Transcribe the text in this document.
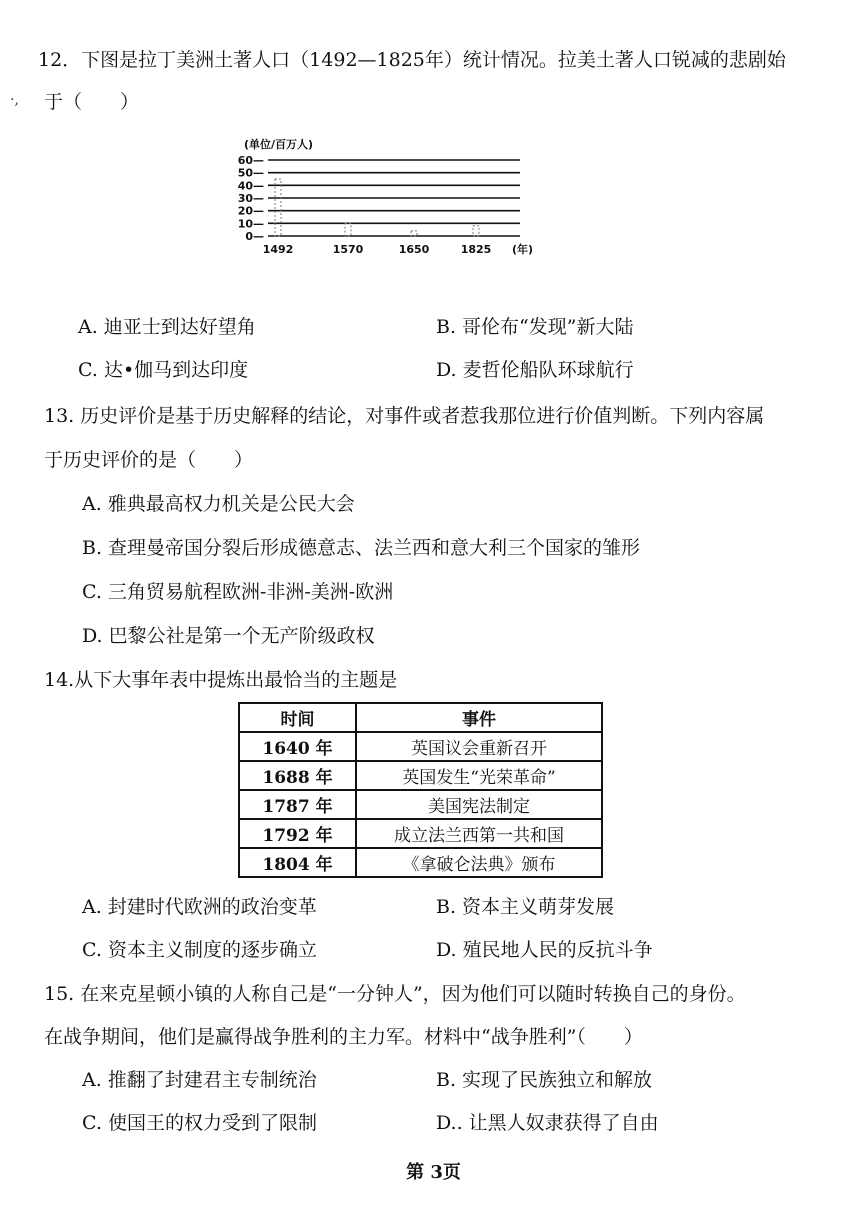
12．下图是拉丁美洲土著人口（1492—1825年）统计情况。拉美土著人口锐减的悲剧始
·, 于（　　）
(单位/百万人)
60—
50—
40—
30—
20—
10—
0—
1492	1570	1650	1825 (年)
A. 迪亚士到达好望角	B. 哥伦布“发现”新大陆
C. 达•伽马到达印度	D. 麦哲伦船队环球航行
13. 历史评价是基于历史解释的结论，对事件或者惹我那位进行价值判断。下列内容属
于历史评价的是（　　）
A. 雅典最高权力机关是公民大会
B. 查理曼帝国分裂后形成德意志、法兰西和意大利三个国家的雏形
C. 三角贸易航程欧洲-非洲-美洲-欧洲
D. 巴黎公社是第一个无产阶级政权
14.从下大事年表中提炼出最恰当的主题是
时间	事件
1640 年	英国议会重新召开
1688 年	英国发生“光荣革命”
1787 年	美国宪法制定
1792 年	成立法兰西第一共和国
1804 年	《拿破仑法典》颁布
A. 封建时代欧洲的政治变革	B. 资本主义萌芽发展
C. 资本主义制度的逐步确立	D. 殖民地人民的反抗斗争
15. 在来克星顿小镇的人称自己是“一分钟人”，因为他们可以随时转换自己的身份。
在战争期间，他们是赢得战争胜利的主力军。材料中“战争胜利”（　　）
A. 推翻了封建君主专制统治	B. 实现了民族独立和解放
C. 使国王的权力受到了限制	D.. 让黑人奴隶获得了自由
第 3页
